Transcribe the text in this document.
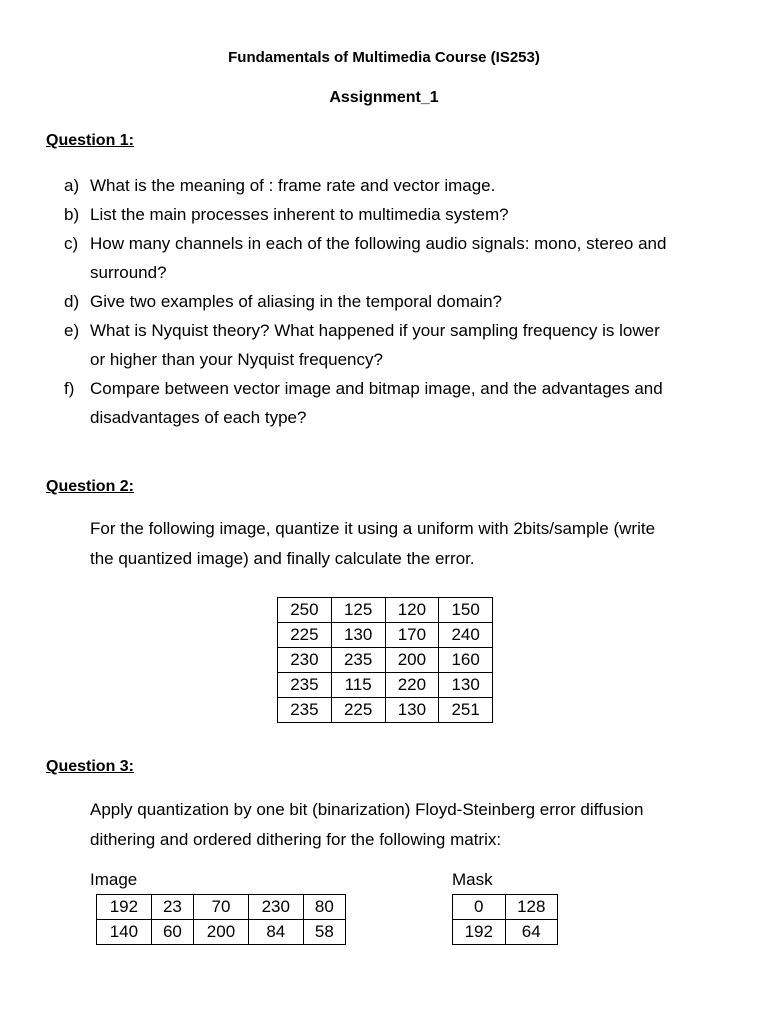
Fundamentals of Multimedia Course (IS253)
Assignment_1
Question 1:
a) What is the meaning of : frame rate and vector image.
b) List the main processes inherent to multimedia system?
c) How many channels in each of the following audio signals: mono, stereo and
surround?
d) Give two examples of aliasing in the temporal domain?
e) What is Nyquist theory? What happened if your sampling frequency is lower
or higher than your Nyquist frequency?
f) Compare between vector image and bitmap image, and the advantages and
disadvantages of each type?
Question 2:
For the following image, quantize it using a uniform with 2bits/sample (write
the quantized image) and finally calculate the error.
250	125	120	150
225	130	170	240
230	235	200	160
235	115	220	130
235	225	130	251
Question 3:
Apply quantization by one bit (binarization) Floyd-Steinberg error diffusion
dithering and ordered dithering for the following matrix:
Image
192	23	70	230	80
140	60	200	84	58
Mask
0	128
192	64
